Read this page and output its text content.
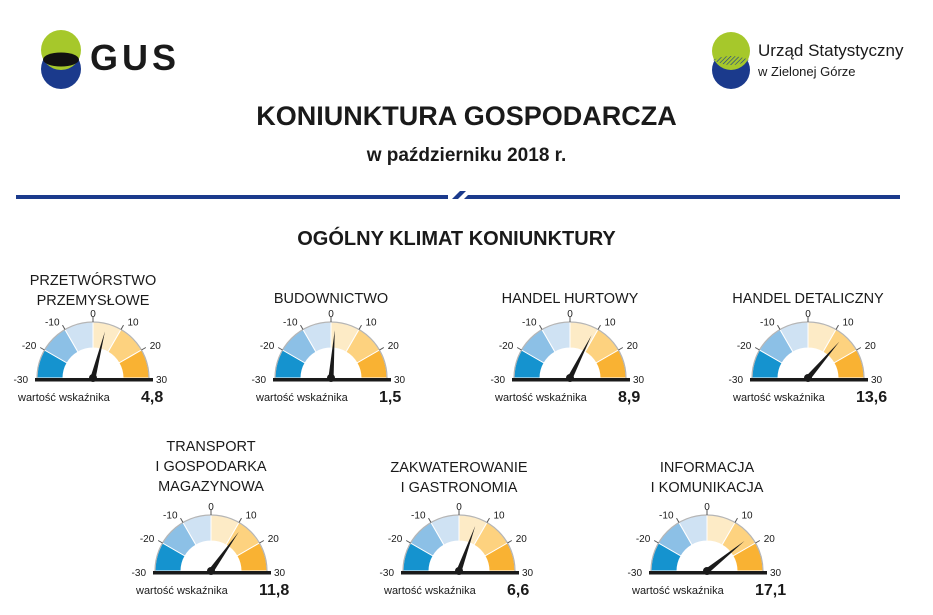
GUS	Urząd Statystyczny
w Zielonej Górze
KONIUNKTURA GOSPODARCZA
w październiku 2018 r.
OGÓLNY KLIMAT KONIUNKTURY
PRZETWÓRSTWO
PRZEMYSŁOWE
-30
-20
-10
0
10
20
30
wartość wskaźnika 4,8
BUDOWNICTWO
-30
-20
-10
0
10
20
30
wartość wskaźnika 1,5
HANDEL HURTOWY
-30
-20
-10
0
10
20
30
wartość wskaźnika 8,9
HANDEL DETALICZNY
-30
-20
-10
0
10
20
30
wartość wskaźnika 13,6
TRANSPORT
I GOSPODARKA
MAGAZYNOWA
-30
-20
-10
0
10
20
30
wartość wskaźnika 11,8
ZAKWATEROWANIE
I GASTRONOMIA
-30
-20
-10
0
10
20
30
wartość wskaźnika 6,6
INFORMACJA
I KOMUNIKACJA
-30
-20
-10
0
10
20
30
wartość wskaźnika 17,1
